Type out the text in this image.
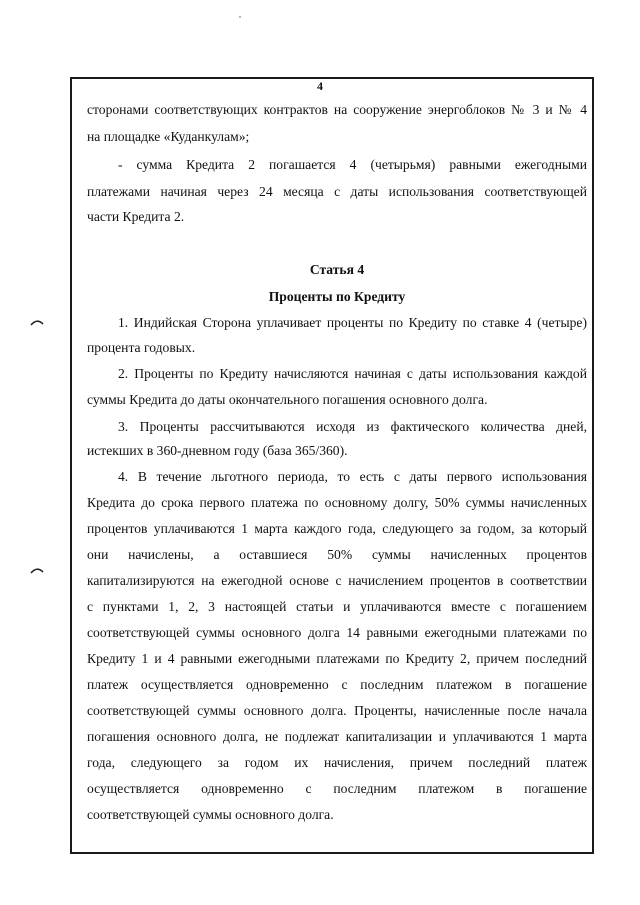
4
сторонами соответствующих контрактов на сооружение энергоблоков № 3 и № 4
на площадке «Куданкулам»;
- сумма Кредита 2 погашается 4 (четырьмя) равными ежегодными
платежами начиная через 24 месяца с даты использования соответствующей
части Кредита 2.
Статья 4
Проценты по Кредиту
1. Индийская Сторона уплачивает проценты по Кредиту по ставке 4 (четыре)
процента годовых.
2. Проценты по Кредиту начисляются начиная с даты использования каждой
суммы Кредита до даты окончательного погашения основного долга.
3. Проценты рассчитываются исходя из фактического количества дней,
истекших в 360-дневном году (база 365/360).
4. В течение льготного периода, то есть с даты первого использования
Кредита до срока первого платежа по основному долгу, 50% суммы начисленных
процентов уплачиваются 1 марта каждого года, следующего за годом, за который
они начислены, а оставшиеся 50% суммы начисленных процентов
капитализируются на ежегодной основе с начислением процентов в соответствии
с пунктами 1, 2, 3 настоящей статьи и уплачиваются вместе с погашением
соответствующей суммы основного долга 14 равными ежегодными платежами по
Кредиту 1 и 4 равными ежегодными платежами по Кредиту 2, причем последний
платеж осуществляется одновременно с последним платежом в погашение
соответствующей суммы основного долга. Проценты, начисленные после начала
погашения основного долга, не подлежат капитализации и уплачиваются 1 марта
года, следующего за годом их начисления, причем последний платеж
осуществляется одновременно с последним платежом в погашение
соответствующей суммы основного долга.
